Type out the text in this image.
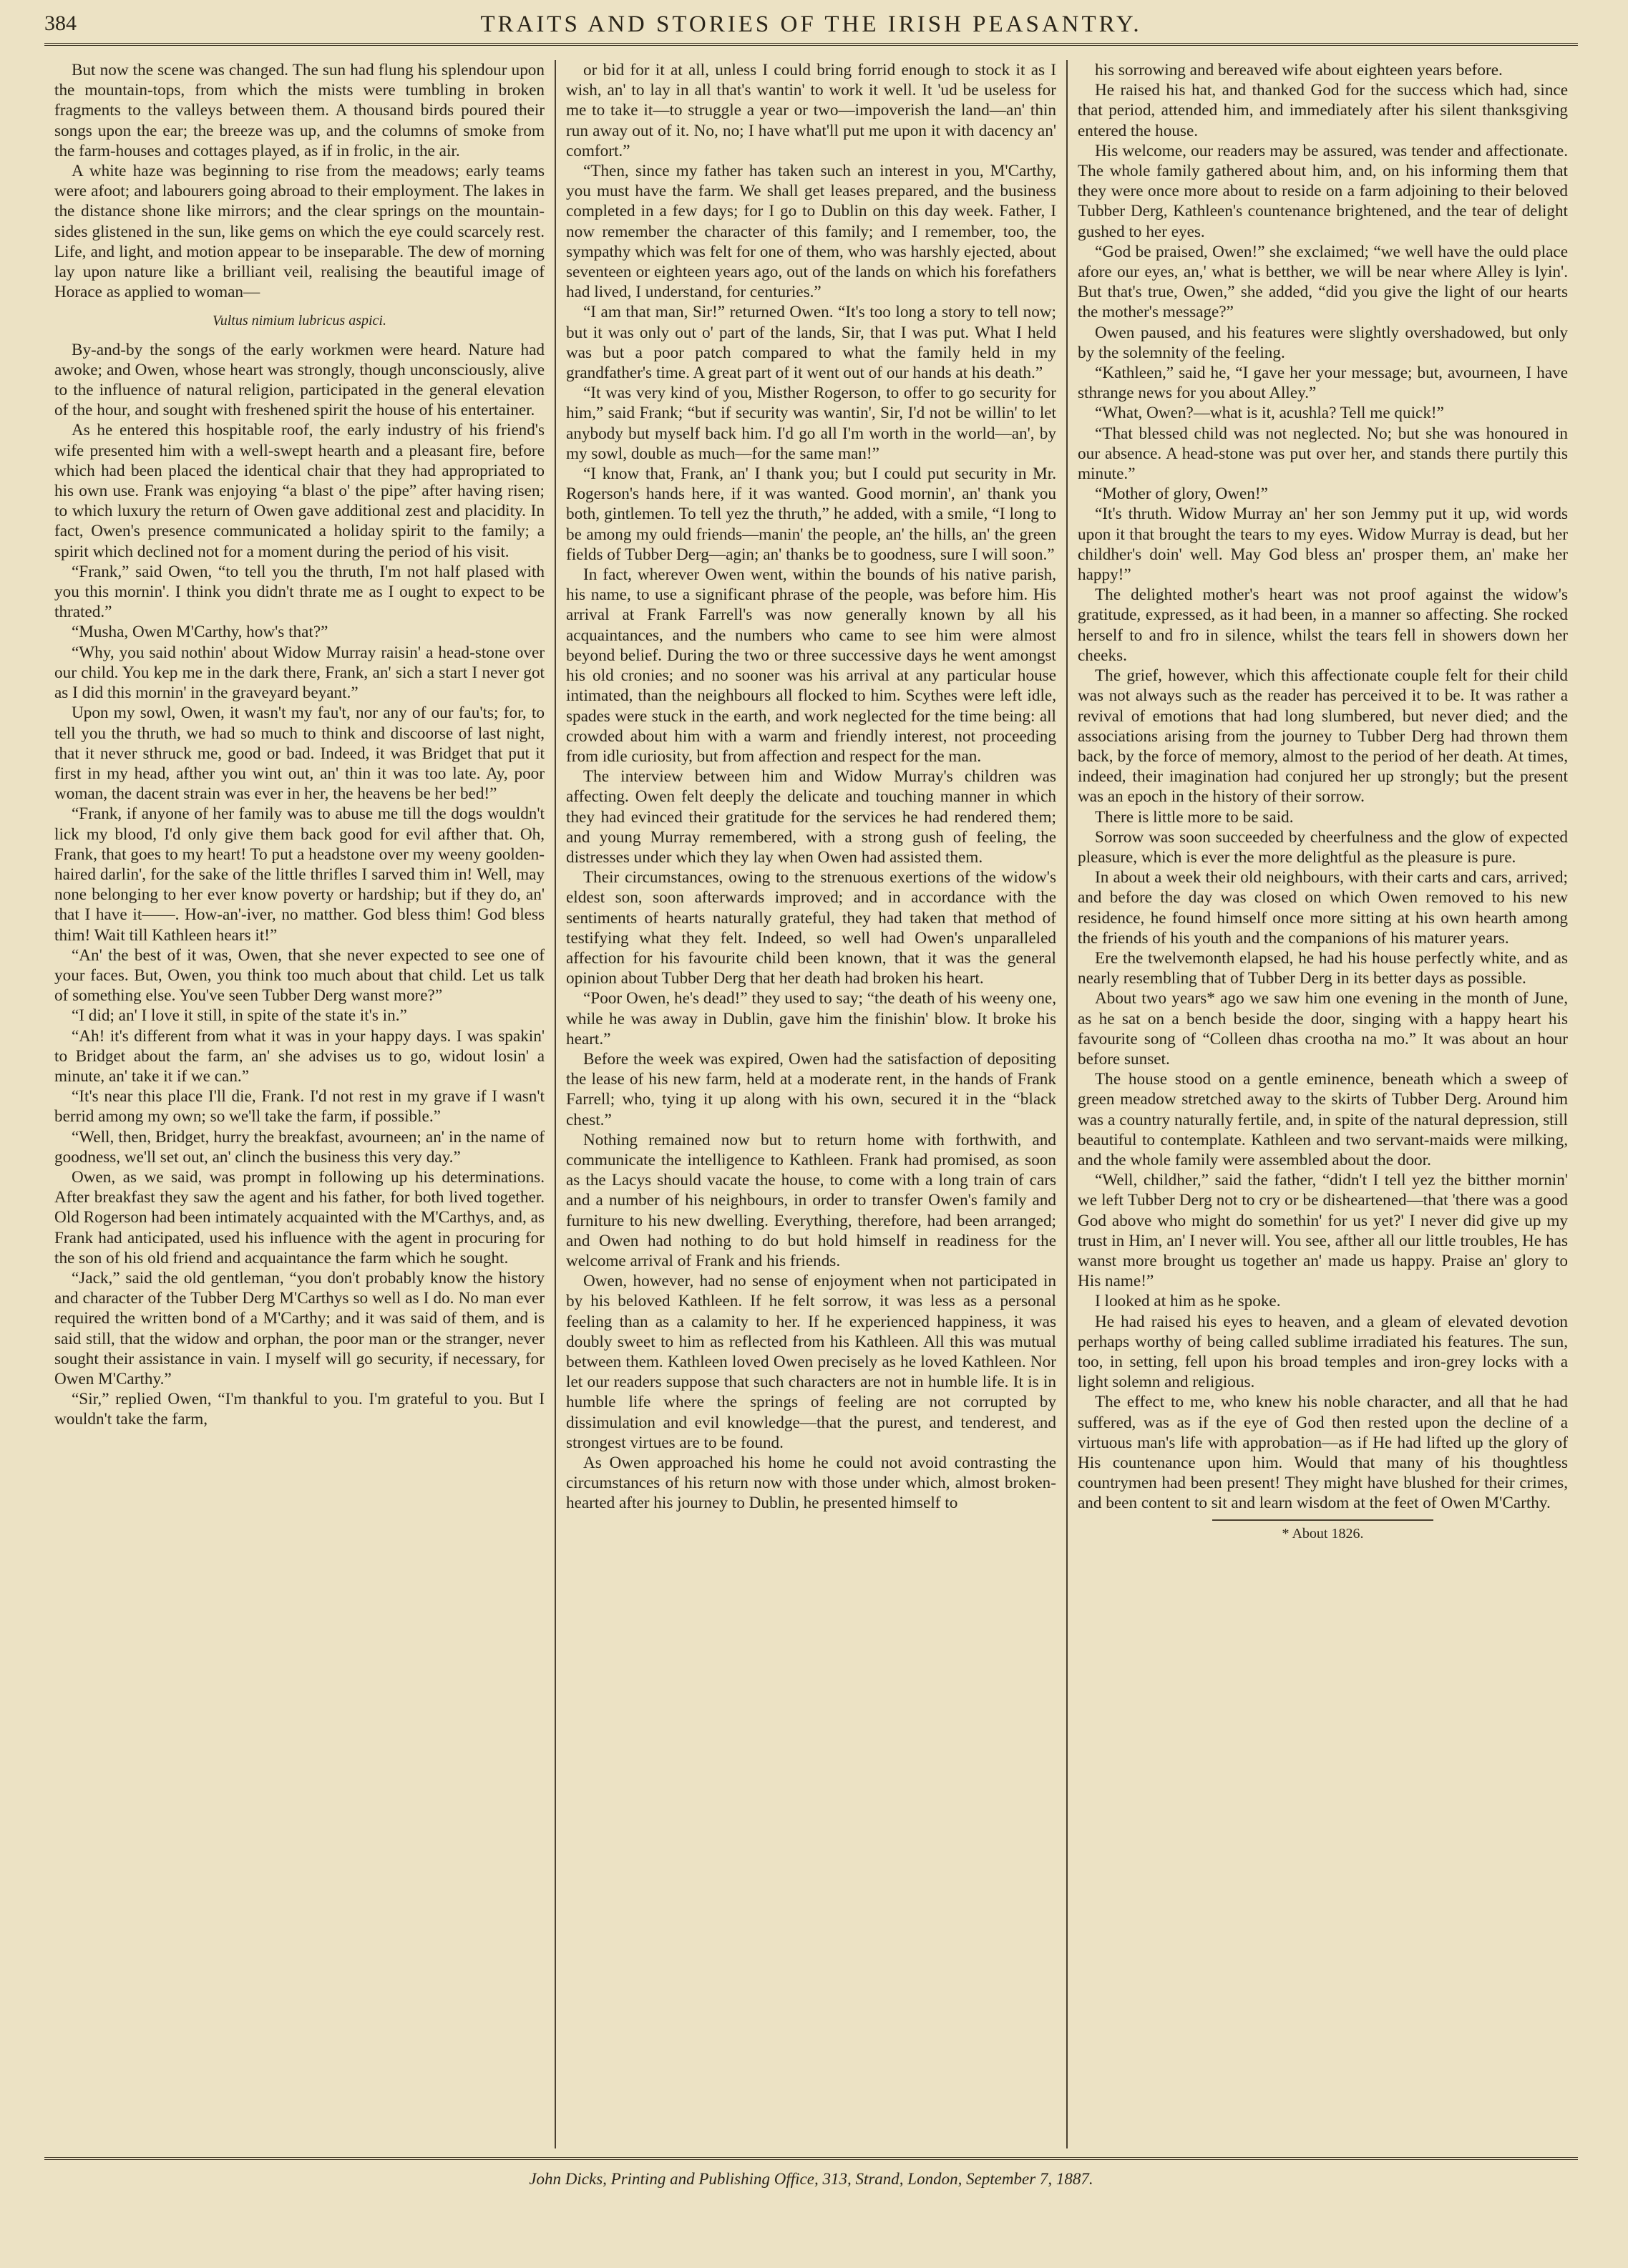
384	TRAITS AND STORIES OF THE IRISH PEASANTRY.

But now the scene was changed. The sun had flung his splendour upon the mountain-tops, from which the mists were tumbling in broken fragments to the valleys between them. A thousand birds poured their songs upon the ear; the breeze was up, and the columns of smoke from the farm-houses and cottages played, as if in frolic, in the air.

A white haze was beginning to rise from the meadows; early teams were afoot; and labourers going abroad to their employment. The lakes in the distance shone like mirrors; and the clear springs on the mountain-sides glistened in the sun, like gems on which the eye could scarcely rest. Life, and light, and motion appear to be inseparable. The dew of morning lay upon nature like a brilliant veil, realising the beautiful image of Horace as applied to woman—

Vultus nimium lubricus aspici.

By-and-by the songs of the early workmen were heard. Nature had awoke; and Owen, whose heart was strongly, though unconsciously, alive to the influence of natural religion, participated in the general elevation of the hour, and sought with freshened spirit the house of his entertainer.

As he entered this hospitable roof, the early industry of his friend's wife presented him with a well-swept hearth and a pleasant fire, before which had been placed the identical chair that they had appropriated to his own use. Frank was enjoying “a blast o' the pipe” after having risen; to which luxury the return of Owen gave additional zest and placidity. In fact, Owen's presence communicated a holiday spirit to the family; a spirit which declined not for a moment during the period of his visit.

“Frank,” said Owen, “to tell you the thruth, I'm not half plased with you this mornin'. I think you didn't thrate me as I ought to expect to be thrated.”

“Musha, Owen M'Carthy, how's that?”

“Why, you said nothin' about Widow Murray raisin' a head-stone over our child. You kep me in the dark there, Frank, an' sich a start I never got as I did this mornin' in the graveyard beyant.”

Upon my sowl, Owen, it wasn't my fau't, nor any of our fau'ts; for, to tell you the thruth, we had so much to think and discoorse of last night, that it never sthruck me, good or bad. Indeed, it was Bridget that put it first in my head, afther you wint out, an' thin it was too late. Ay, poor woman, the dacent strain was ever in her, the heavens be her bed!”

“Frank, if anyone of her family was to abuse me till the dogs wouldn't lick my blood, I'd only give them back good for evil afther that. Oh, Frank, that goes to my heart! To put a headstone over my weeny goolden-haired darlin', for the sake of the little thrifles I sarved thim in! Well, may none belonging to her ever know poverty or hardship; but if they do, an' that I have it——. How-an'-iver, no matther. God bless thim! God bless thim! Wait till Kathleen hears it!”

“An' the best of it was, Owen, that she never expected to see one of your faces. But, Owen, you think too much about that child. Let us talk of something else. You've seen Tubber Derg wanst more?”

“I did; an' I love it still, in spite of the state it's in.”

“Ah! it's different from what it was in your happy days. I was spakin' to Bridget about the farm, an' she advises us to go, widout losin' a minute, an' take it if we can.”

“It's near this place I'll die, Frank. I'd not rest in my grave if I wasn't berrid among my own; so we'll take the farm, if possible.”

“Well, then, Bridget, hurry the breakfast, avourneen; an' in the name of goodness, we'll set out, an' clinch the business this very day.”

Owen, as we said, was prompt in following up his determinations. After breakfast they saw the agent and his father, for both lived together. Old Rogerson had been intimately acquainted with the M'Carthys, and, as Frank had anticipated, used his influence with the agent in procuring for the son of his old friend and acquaintance the farm which he sought.

“Jack,” said the old gentleman, “you don't probably know the history and character of the Tubber Derg M'Carthys so well as I do. No man ever required the written bond of a M'Carthy; and it was said of them, and is said still, that the widow and orphan, the poor man or the stranger, never sought their assistance in vain. I myself will go security, if necessary, for Owen M'Carthy.”

“Sir,” replied Owen, “I'm thankful to you. I'm grateful to you. But I wouldn't take the farm,

or bid for it at all, unless I could bring forrid enough to stock it as I wish, an' to lay in all that's wantin' to work it well. It 'ud be useless for me to take it—to struggle a year or two—impoverish the land—an' thin run away out of it. No, no; I have what'll put me upon it with dacency an' comfort.”

“Then, since my father has taken such an interest in you, M'Carthy, you must have the farm. We shall get leases prepared, and the business completed in a few days; for I go to Dublin on this day week. Father, I now remember the character of this family; and I remember, too, the sympathy which was felt for one of them, who was harshly ejected, about seventeen or eighteen years ago, out of the lands on which his forefathers had lived, I understand, for centuries.”

“I am that man, Sir!” returned Owen. “It's too long a story to tell now; but it was only out o' part of the lands, Sir, that I was put. What I held was but a poor patch compared to what the family held in my grandfather's time. A great part of it went out of our hands at his death.”

“It was very kind of you, Misther Rogerson, to offer to go security for him,” said Frank; “but if security was wantin', Sir, I'd not be willin' to let anybody but myself back him. I'd go all I'm worth in the world—an', by my sowl, double as much—for the same man!”

“I know that, Frank, an' I thank you; but I could put security in Mr. Rogerson's hands here, if it was wanted. Good mornin', an' thank you both, gintlemen. To tell yez the thruth,” he added, with a smile, “I long to be among my ould friends—manin' the people, an' the hills, an' the green fields of Tubber Derg—agin; an' thanks be to goodness, sure I will soon.”

In fact, wherever Owen went, within the bounds of his native parish, his name, to use a significant phrase of the people, was before him. His arrival at Frank Farrell's was now generally known by all his acquaintances, and the numbers who came to see him were almost beyond belief. During the two or three successive days he went amongst his old cronies; and no sooner was his arrival at any particular house intimated, than the neighbours all flocked to him. Scythes were left idle, spades were stuck in the earth, and work neglected for the time being: all crowded about him with a warm and friendly interest, not proceeding from idle curiosity, but from affection and respect for the man.

The interview between him and Widow Murray's children was affecting. Owen felt deeply the delicate and touching manner in which they had evinced their gratitude for the services he had rendered them; and young Murray remembered, with a strong gush of feeling, the distresses under which they lay when Owen had assisted them.

Their circumstances, owing to the strenuous exertions of the widow's eldest son, soon afterwards improved; and in accordance with the sentiments of hearts naturally grateful, they had taken that method of testifying what they felt. Indeed, so well had Owen's unparalleled affection for his favourite child been known, that it was the general opinion about Tubber Derg that her death had broken his heart.

“Poor Owen, he's dead!” they used to say; “the death of his weeny one, while he was away in Dublin, gave him the finishin' blow. It broke his heart.”

Before the week was expired, Owen had the satisfaction of depositing the lease of his new farm, held at a moderate rent, in the hands of Frank Farrell; who, tying it up along with his own, secured it in the “black chest.”

Nothing remained now but to return home with forthwith, and communicate the intelligence to Kathleen. Frank had promised, as soon as the Lacys should vacate the house, to come with a long train of cars and a number of his neighbours, in order to transfer Owen's family and furniture to his new dwelling. Everything, therefore, had been arranged; and Owen had nothing to do but hold himself in readiness for the welcome arrival of Frank and his friends.

Owen, however, had no sense of enjoyment when not participated in by his beloved Kathleen. If he felt sorrow, it was less as a personal feeling than as a calamity to her. If he experienced happiness, it was doubly sweet to him as reflected from his Kathleen. All this was mutual between them. Kathleen loved Owen precisely as he loved Kathleen. Nor let our readers suppose that such characters are not in humble life. It is in humble life where the springs of feeling are not corrupted by dissimulation and evil knowledge—that the purest, and tenderest, and strongest virtues are to be found.

As Owen approached his home he could not avoid contrasting the circumstances of his return now with those under which, almost broken-hearted after his journey to Dublin, he presented himself to

his sorrowing and bereaved wife about eighteen years before.

He raised his hat, and thanked God for the success which had, since that period, attended him, and immediately after his silent thanksgiving entered the house.

His welcome, our readers may be assured, was tender and affectionate. The whole family gathered about him, and, on his informing them that they were once more about to reside on a farm adjoining to their beloved Tubber Derg, Kathleen's countenance brightened, and the tear of delight gushed to her eyes.

“God be praised, Owen!” she exclaimed; “we well have the ould place afore our eyes, an,' what is betther, we will be near where Alley is lyin'. But that's true, Owen,” she added, “did you give the light of our hearts the mother's message?”

Owen paused, and his features were slightly overshadowed, but only by the solemnity of the feeling.

“Kathleen,” said he, “I gave her your message; but, avourneen, I have sthrange news for you about Alley.”

“What, Owen?—what is it, acushla? Tell me quick!”

“That blessed child was not neglected. No; but she was honoured in our absence. A head-stone was put over her, and stands there purtily this minute.”

“Mother of glory, Owen!”

“It's thruth. Widow Murray an' her son Jemmy put it up, wid words upon it that brought the tears to my eyes. Widow Murray is dead, but her childher's doin' well. May God bless an' prosper them, an' make her happy!”

The delighted mother's heart was not proof against the widow's gratitude, expressed, as it had been, in a manner so affecting. She rocked herself to and fro in silence, whilst the tears fell in showers down her cheeks.

The grief, however, which this affectionate couple felt for their child was not always such as the reader has perceived it to be. It was rather a revival of emotions that had long slumbered, but never died; and the associations arising from the journey to Tubber Derg had thrown them back, by the force of memory, almost to the period of her death. At times, indeed, their imagination had conjured her up strongly; but the present was an epoch in the history of their sorrow.

There is little more to be said.

Sorrow was soon succeeded by cheerfulness and the glow of expected pleasure, which is ever the more delightful as the pleasure is pure.

In about a week their old neighbours, with their carts and cars, arrived; and before the day was closed on which Owen removed to his new residence, he found himself once more sitting at his own hearth among the friends of his youth and the companions of his maturer years.

Ere the twelvemonth elapsed, he had his house perfectly white, and as nearly resembling that of Tubber Derg in its better days as possible.

About two years* ago we saw him one evening in the month of June, as he sat on a bench beside the door, singing with a happy heart his favourite song of “Colleen dhas crootha na mo.” It was about an hour before sunset.

The house stood on a gentle eminence, beneath which a sweep of green meadow stretched away to the skirts of Tubber Derg. Around him was a country naturally fertile, and, in spite of the natural depression, still beautiful to contemplate. Kathleen and two servant-maids were milking, and the whole family were assembled about the door.

“Well, childher,” said the father, “didn't I tell yez the bitther mornin' we left Tubber Derg not to cry or be disheartened—that 'there was a good God above who might do somethin' for us yet?' I never did give up my trust in Him, an' I never will. You see, afther all our little troubles, He has wanst more brought us together an' made us happy. Praise an' glory to His name!”

I looked at him as he spoke.

He had raised his eyes to heaven, and a gleam of elevated devotion perhaps worthy of being called sublime irradiated his features. The sun, too, in setting, fell upon his broad temples and iron-grey locks with a light solemn and religious.

The effect to me, who knew his noble character, and all that he had suffered, was as if the eye of God then rested upon the decline of a virtuous man's life with approbation—as if He had lifted up the glory of His countenance upon him. Would that many of his thoughtless countrymen had been present! They might have blushed for their crimes, and been content to sit and learn wisdom at the feet of Owen M'Carthy.

* About 1826.

John Dicks, Printing and Publishing Office, 313, Strand, London, September 7, 1887.
